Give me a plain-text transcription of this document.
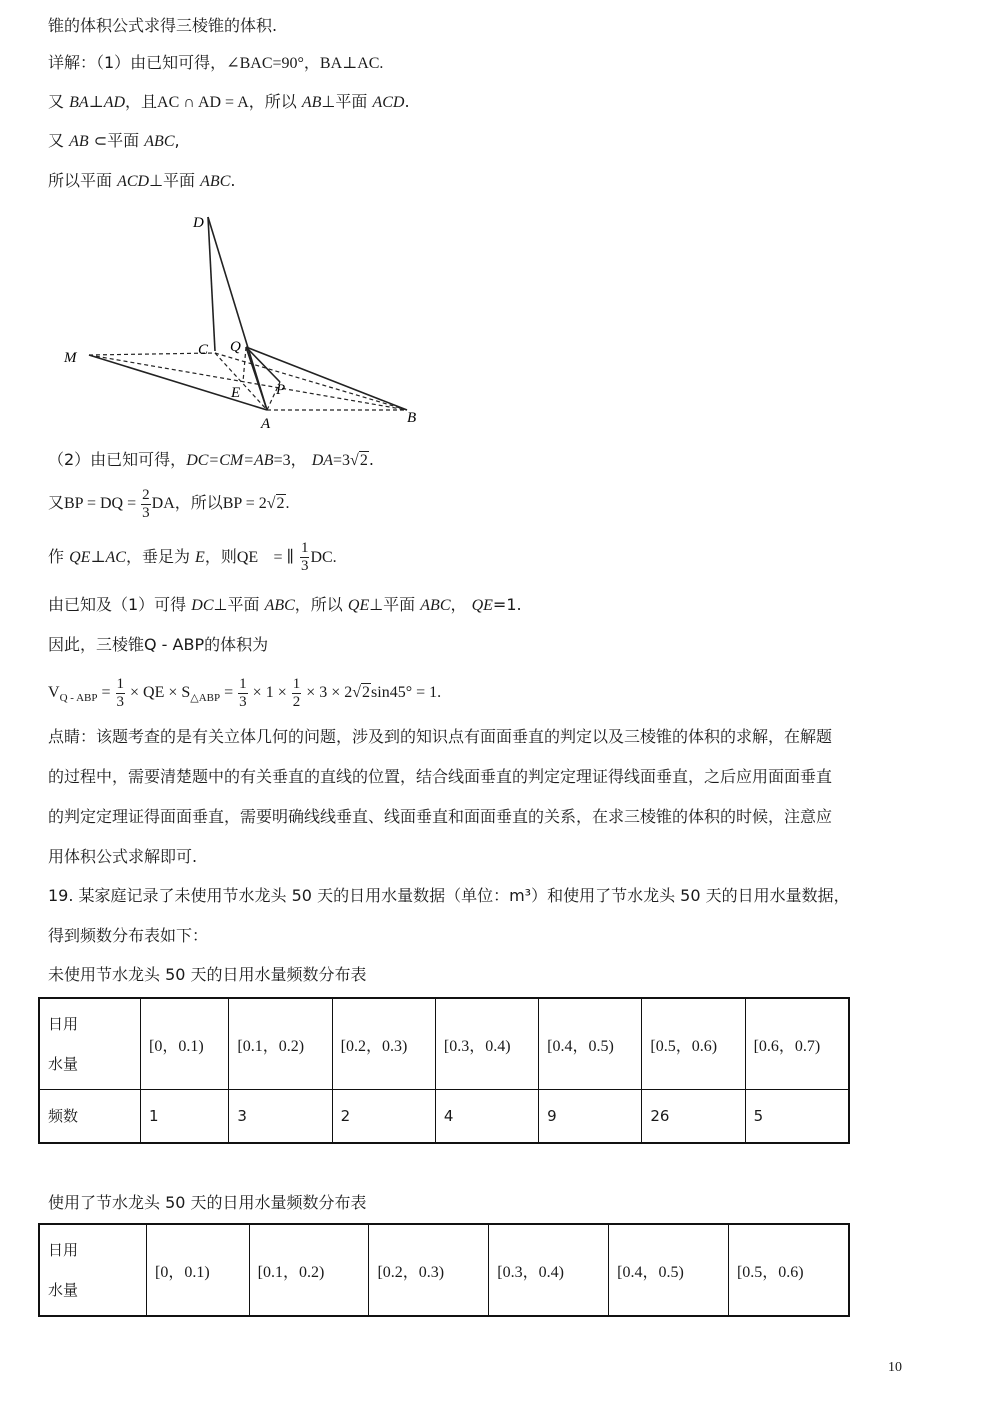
锥的体积公式求得三棱锥的体积.
详解：（1）由已知可得，∠BAC=90°，BA⊥AC.
又 BA⊥AD，且AC ∩ AD = A，所以 AB⊥平面 ACD.
又 AB ⊂平面 ABC,
所以平面 ACD⊥平面 ABC.
D
C Q
M
E P
A	B
（2）由已知可得，DC=CM=AB=3， DA=3√2.
又BP = DQ = $\frac{2}{3}$ DA，所以BP = 2√2.
作 QE⊥AC，垂足为 E，则QE = ∥ $\frac{1}{3}$ DC.
由已知及（1）可得 DC⊥平面 ABC，所以 QE⊥平面 ABC， QE=1.
因此，三棱锥Q - ABP的体积为
$V_{Q - ABP} = \frac{1}{3}$ × QE × $S_{\triangle ABP} = \frac{1}{3} \times 1 \times \frac{1}{2} \times 3 \times 2√2\sin 45^\circ = 1$.
点睛：该题考查的是有关立体几何的问题，涉及到的知识点有面面垂直的判定以及三棱锥的体积的求解，在解题
的过程中，需要清楚题中的有关垂直的直线的位置，结合线面垂直的判定定理证得线面垂直，之后应用面面垂直
的判定定理证得面面垂直，需要明确线线垂直、线面垂直和面面垂直的关系，在求三棱锥的体积的时候，注意应
用体积公式求解即可.
19. 某家庭记录了未使用节水龙头 50 天的日用水量数据（单位：m³）和使用了节水龙头 50 天的日用水量数据，
得到频数分布表如下：
未使用节水龙头 50 天的日用水量频数分布表
日用
水量	[0，0.1)	[0.1，0.2)	[0.2，0.3)	[0.3，0.4)	[0.4，0.5)	[0.5，0.6)	[0.6，0.7)
频数	1	3	2	4	9	26	5
使用了节水龙头 50 天的日用水量频数分布表
日用
水量
	[0，0.1)	[0.1，0.2)	[0.2，0.3)	[0.3，0.4)	[0.4，0.5)	[0.5，0.6)
10
